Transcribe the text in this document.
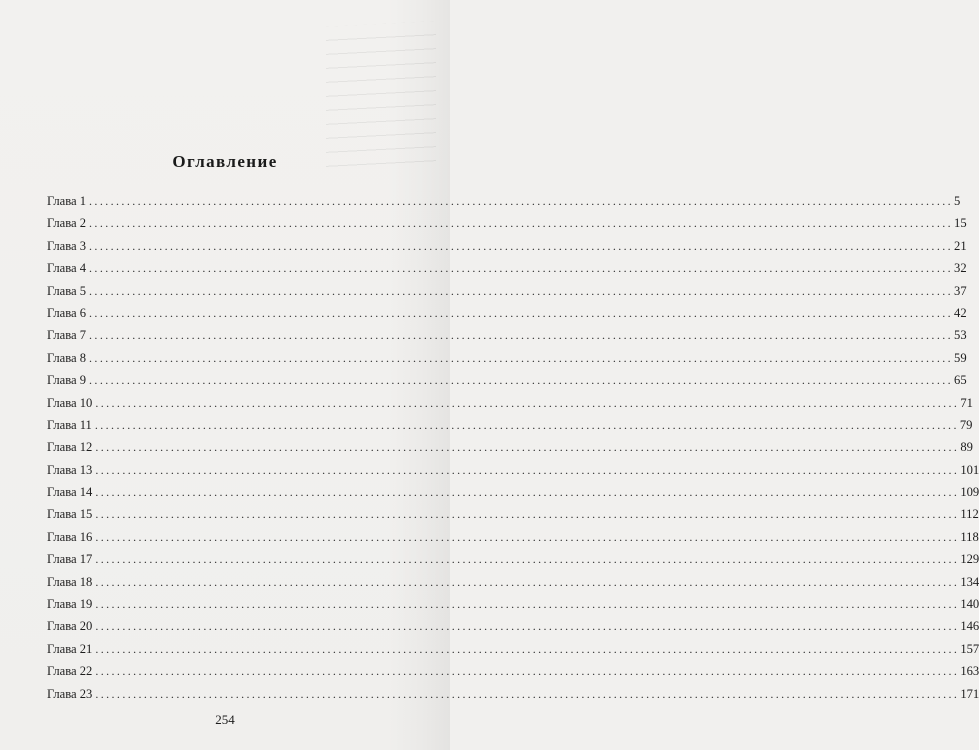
Оглавление
Глава 1 ................................................................................................................................................................ 5
Глава 2 ................................................................................................................................................................ 15
Глава 3 ................................................................................................................................................................ 21
Глава 4 ................................................................................................................................................................ 32
Глава 5 ................................................................................................................................................................ 37
Глава 6 ................................................................................................................................................................ 42
Глава 7 ................................................................................................................................................................ 53
Глава 8 ................................................................................................................................................................ 59
Глава 9 ................................................................................................................................................................ 65
Глава 10 ................................................................................................................................................................ 71
Глава 11 ................................................................................................................................................................ 79
Глава 12 ................................................................................................................................................................ 89
Глава 13 ................................................................................................................................................................ 101
Глава 14 ................................................................................................................................................................ 109
Глава 15 ................................................................................................................................................................ 112
Глава 16 ................................................................................................................................................................ 118
Глава 17 ................................................................................................................................................................ 129
Глава 18 ................................................................................................................................................................ 134
Глава 19 ................................................................................................................................................................ 140
Глава 20 ................................................................................................................................................................ 146
Глава 21 ................................................................................................................................................................ 157
Глава 22 ................................................................................................................................................................ 163
Глава 23 ................................................................................................................................................................ 171
254
